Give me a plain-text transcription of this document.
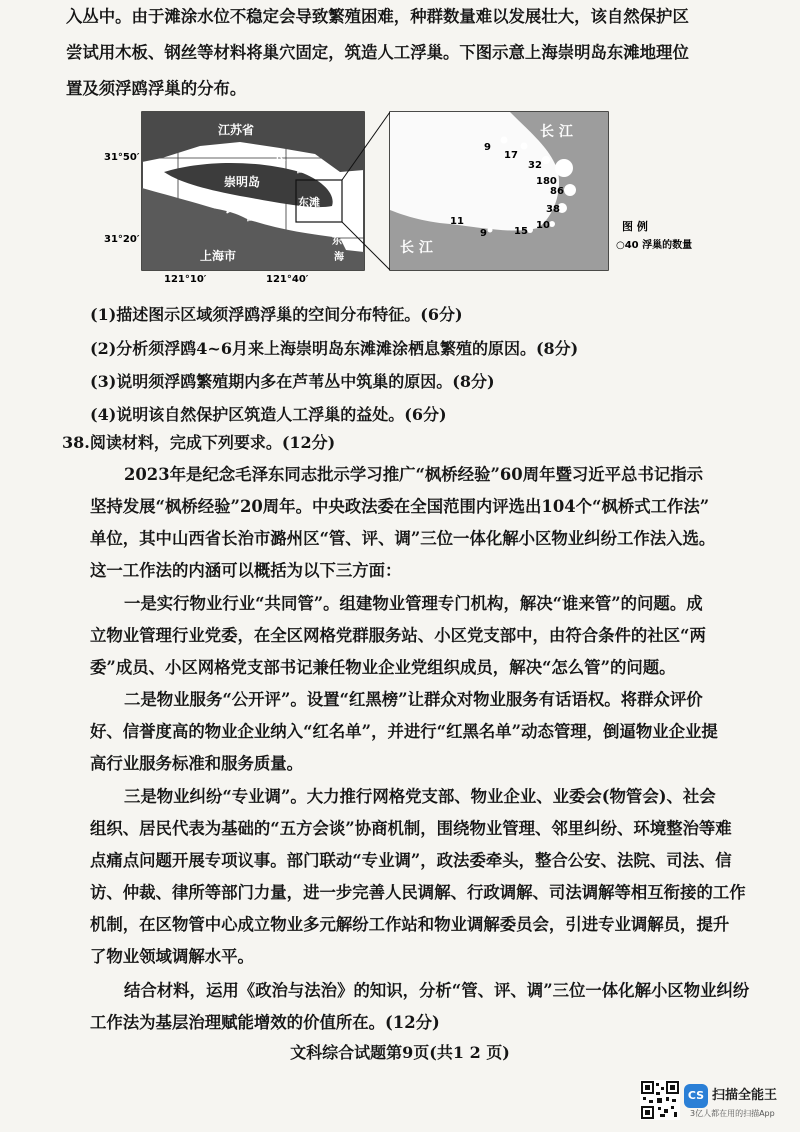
入丛中。由于滩涂水位不稳定会导致繁殖困难，种群数量难以发展壮大，该自然保护区
尝试用木板、钢丝等材料将巢穴固定，筑造人工浮巢。下图示意上海崇明岛东滩地理位
置及须浮鸥浮巢的分布。
31°50′
31°20′
121°10′	121°40′
江苏省
崇明岛
长
江
长
江
东滩
东
海
上海市
9
17
32
180
86
38
10
15
9
11
长 江
长 江
图 例
○40 浮巢的数量
(1)描述图示区域须浮鸥浮巢的空间分布特征。(6分)
(2)分析须浮鸥4~6月来上海崇明岛东滩滩涂栖息繁殖的原因。(8分)
(3)说明须浮鸥繁殖期内多在芦苇丛中筑巢的原因。(8分)
(4)说明该自然保护区筑造人工浮巢的益处。(6分)
38.阅读材料，完成下列要求。(12分)
2023年是纪念毛泽东同志批示学习推广“枫桥经验”60周年暨习近平总书记指示
坚持发展“枫桥经验”20周年。中央政法委在全国范围内评选出104个“枫桥式工作法”
单位，其中山西省长治市潞州区“管、评、调”三位一体化解小区物业纠纷工作法入选。
这一工作法的内涵可以概括为以下三方面：
一是实行物业行业“共同管”。组建物业管理专门机构，解决“谁来管”的问题。成
立物业管理行业党委，在全区网格党群服务站、小区党支部中，由符合条件的社区“两
委”成员、小区网格党支部书记兼任物业企业党组织成员，解决“怎么管”的问题。
二是物业服务“公开评”。设置“红黑榜”让群众对物业服务有话语权。将群众评价
好、信誉度高的物业企业纳入“红名单”，并进行“红黑名单”动态管理，倒逼物业企业提
高行业服务标准和服务质量。
三是物业纠纷“专业调”。大力推行网格党支部、物业企业、业委会(物管会)、社会
组织、居民代表为基础的“五方会谈”协商机制，围绕物业管理、邻里纠纷、环境整治等难
点痛点问题开展专项议事。部门联动“专业调”，政法委牵头，整合公安、法院、司法、信
访、仲裁、律所等部门力量，进一步完善人民调解、行政调解、司法调解等相互衔接的工作
机制，在区物管中心成立物业多元解纷工作站和物业调解委员会，引进专业调解员，提升
了物业领域调解水平。
结合材料，运用《政治与法治》的知识，分析“管、评、调”三位一体化解小区物业纠纷
工作法为基层治理赋能增效的价值所在。(12分)
文科综合试题第9页(共1 2 页)
CS 扫描全能王
3亿人都在用的扫描App
